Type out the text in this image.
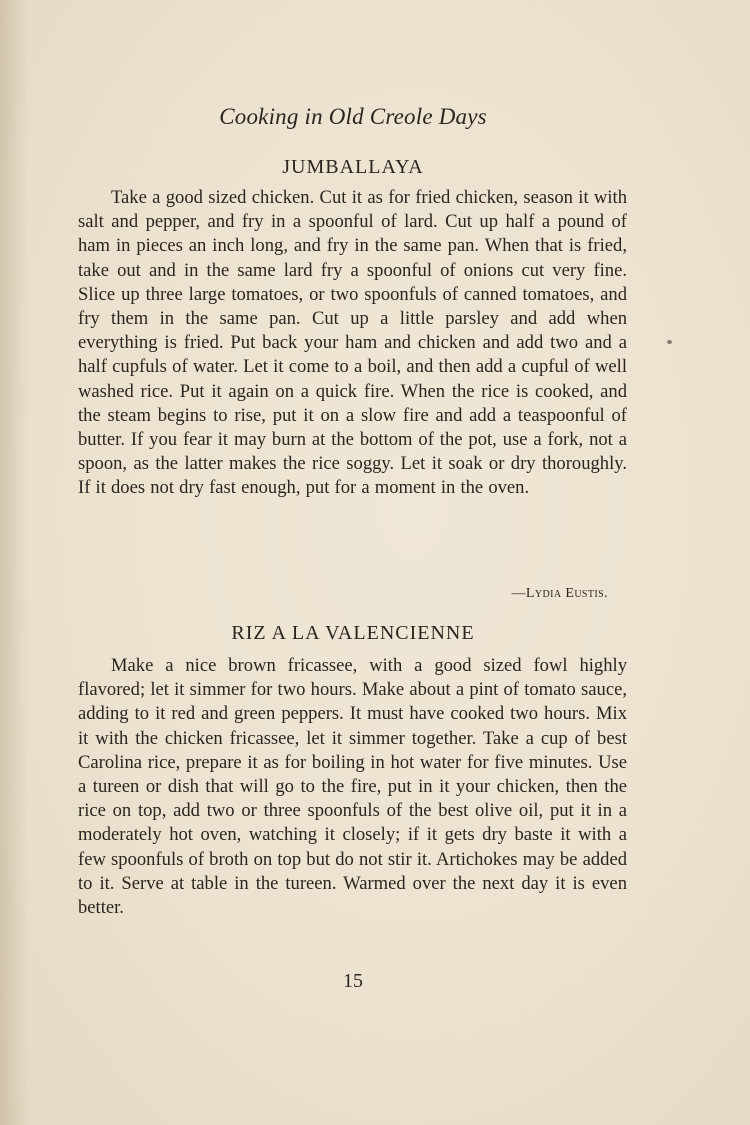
Cooking in Old Creole Days
JUMBALLAYA
Take a good sized chicken. Cut it as for fried chicken, season it with salt and pepper, and fry in a spoonful of lard. Cut up half a pound of ham in pieces an inch long, and fry in the same pan. When that is fried, take out and in the same lard fry a spoonful of onions cut very fine. Slice up three large tomatoes, or two spoonfuls of canned tomatoes, and fry them in the same pan. Cut up a little parsley and add when everything is fried. Put back your ham and chicken and add two and a half cupfuls of water. Let it come to a boil, and then add a cupful of well washed rice. Put it again on a quick fire. When the rice is cooked, and the steam begins to rise, put it on a slow fire and add a teaspoonful of butter. If you fear it may burn at the bottom of the pot, use a fork, not a spoon, as the latter makes the rice soggy. Let it soak or dry thoroughly. If it does not dry fast enough, put for a moment in the oven.
—Lydia Eustis.
RIZ A LA VALENCIENNE
Make a nice brown fricassee, with a good sized fowl highly flavored; let it simmer for two hours. Make about a pint of tomato sauce, adding to it red and green peppers. It must have cooked two hours. Mix it with the chicken fricassee, let it simmer together. Take a cup of best Carolina rice, prepare it as for boiling in hot water for five minutes. Use a tureen or dish that will go to the fire, put in it your chicken, then the rice on top, add two or three spoonfuls of the best olive oil, put it in a moderately hot oven, watching it closely; if it gets dry baste it with a few spoonfuls of broth on top but do not stir it. Artichokes may be added to it. Serve at table in the tureen. Warmed over the next day it is even better.
15
